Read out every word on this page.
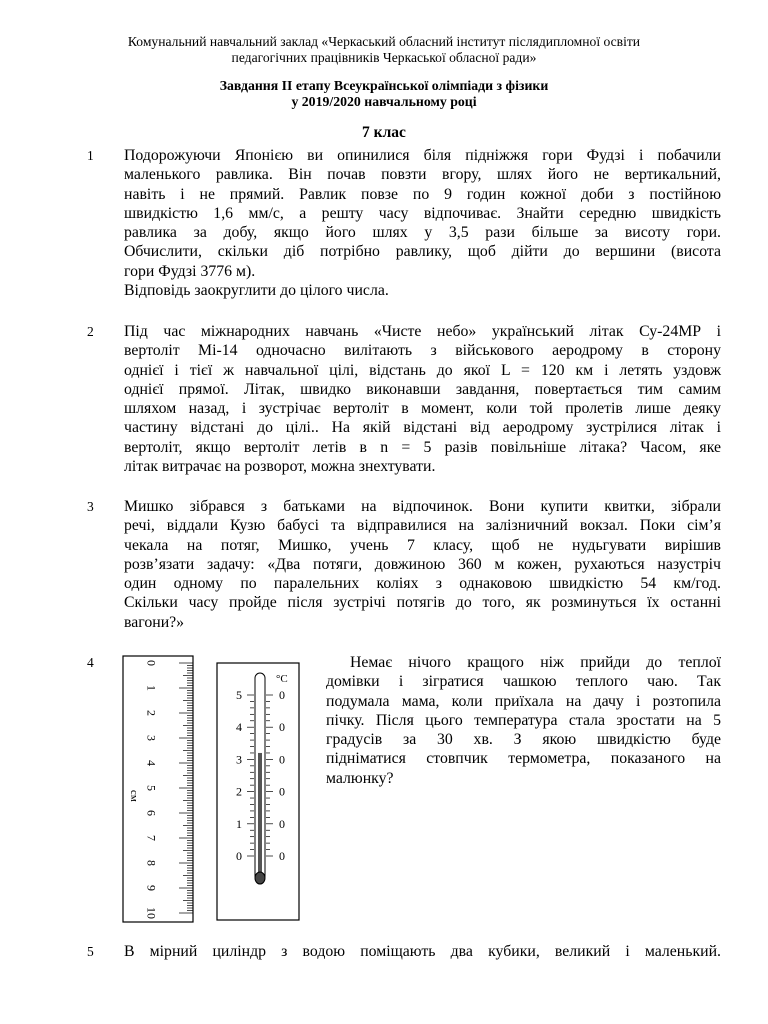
Комунальний навчальний заклад «Черкаський обласний інститут післядипломної освіти
педагогічних працівників Черкаської обласної ради»
Завдання ІІ етапу Всеукраїнської олімпіади з фізики
у 2019/2020 навчальному році
7 клас
1 Подорожуючи Японією ви опинилися біля підніжжя гори Фудзі і побачили
маленького равлика. Він почав повзти вгору, шлях його не вертикальний,
навіть і не прямий. Равлик повзе по 9 годин кожної доби з постійною
швидкістю 1,6 мм/с, а решту часу відпочиває. Знайти середню швидкість
равлика за добу, якщо його шлях у 3,5 рази більше за висоту гори.
Обчислити, скільки діб потрібно равлику, щоб дійти до вершини (висота
гори Фудзі 3776 м).
Відповідь заокруглити до цілого числа.

2 Під час міжнародних навчань «Чисте небо» український літак Су-24МР і
вертоліт Мі-14 одночасно вилітають з військового аеродрому в сторону
однієї і тієї ж навчальної цілі, відстань до якої L = 120 км і летять уздовж
однієї прямої. Літак, швидко виконавши завдання, повертається тим самим
шляхом назад, і зустрічає вертоліт в момент, коли той пролетів лише деяку
частину відстані до цілі.. На якій відстані від аеродрому зустрілися літак і
вертоліт, якщо вертоліт летів в n = 5 разів повільніше літака? Часом, яке
літак витрачає на розворот, можна знехтувати.

3 Мишко зібрався з батьками на відпочинок. Вони купити квитки, зібрали
речі, віддали Кузю бабусі та відправилися на залізничний вокзал. Поки сім’я
чекала на потяг, Мишко, учень 7 класу, щоб не нудьгувати вирішив
розв’язати задачу: «Два потяги, довжиною 360 м кожен, рухаються назустріч
один одному по паралельних коліях з однаковою швидкістю 54 км/год.
Скільки часу пройде після зустрічі потягів до того, як розминуться їх останні
вагони?»

4	Немає нічого кращого ніж прийди до теплої
домівки і зігратися чашкою теплого чаю. Так
подумала мама, коли приїхала на дачу і розтопила
пічку. Після цього температура стала зростати на 5
градусів за 30 хв. З якою швидкістю буде
підніматися стовпчик термометра, показаного на
малюнку?

0
1
2
3
4
5
6
7
8
9
10
см
°C
5
4
3
2
1
0
0
0
0
0
0
0
5 В мірний циліндр з водою поміщають два кубики, великий і маленький.
